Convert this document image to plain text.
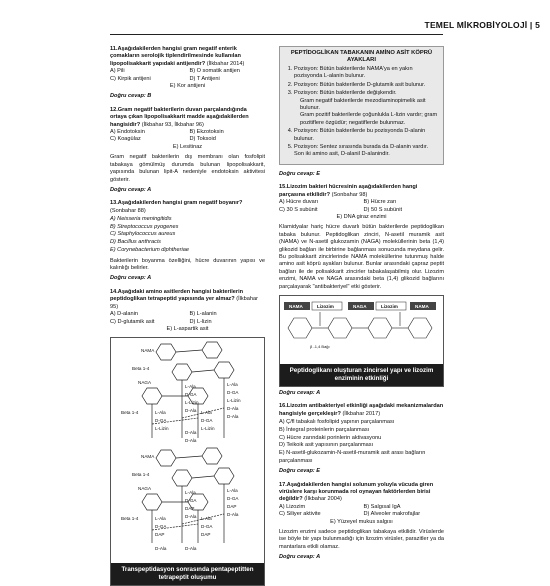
TEMEL MİKROBİYOLOJİ | 5
11.Aşağıdakilerden hangisi gram negatif enterik çomakların serolojik tiplendirilmesinde kullanılan lipopolisakkarit yapıdaki antijendir? (İlkbahar 2014)
A) Pili	B) O somatik antijen
C) Kirpik antijeni	D) T Antijeni
E) Kor antijeni
Doğru cevap: B
12.Gram negatif bakterilerin duvarı parçalandığında ortaya çıkan lipopolisakkarit madde aşağıdakilerden hangisidir? (İlkbahar 93, İlkbahar 96)
A) Endotoksin	B) Ekzotoksin
C) Koagülaz	D) Toksoid
E) Lesitinaz
Gram negatif bakterilerin dış membranı olan fosfolipit tabakaya gömülmüş durumda bulunan lipopolisakkarit, yapısında bulunan lipit-A nedeniyle endotoksin aktivitesi gösterir.
Doğru cevap: A
13.Aşağıdakilerden hangisi gram negatif boyanır? (Sonbahar 88)
A) Neisseria meningitidis
B) Streptococcus pyogenes
C) Staphylococcus aureus
D) Bacillus anthracis
E) Corynebacterium diphtheriae
Bakterilerin boyanma özelliğini, hücre duvarının yapısı ve kalınlığı belirler.
Doğru cevap: A
14.Aşağıdaki amino asitlerden hangisi bakterilerin peptidoglikan tetrapeptid yapısında yer almaz? (İlkbahar 95)
A) D-alanin	B) L-alanin
C) D-glutamik asit	D) L-lizin
E) L-aspartik asit
NAMA
Beta 1-4
NAGA
L-Ala
D-GA
L-Lizin
D-Ala
L-Ala
D-GA
L-Lizin
D-Ala
D-Ala
Beta 1-4	L-Ala
D-GA
L-Lizin
L-Ala
D-GA
L-Lizin
D-Ala
D-Ala
NAMA
Beta 1-4
NAGA
L-Ala
D-GA
DAP
D-Ala
L-Ala
D-GA
DAP
D-Ala
Beta 1-4	L-Ala
D-GA
DAP
L-Ala
D-GA
DAP
D-Ala
D-Ala
Transpeptidasyon sonrasında pentapeptitten tetrapeptit oluşumu
PEPTİDOGLİKAN TABAKANIN AMİNO ASİT KÖPRÜ AYAKLARI
1. Pozisyon: Bütün bakterilerde NAMA'ya en yakın pozisyonda L-alanin bulunur.
2. Pozisyon: Bütün bakterilerde D-glutamik asit bulunur.
3. Pozisyon: Bütün bakterilerde değişkendir.
Gram negatif bakterilerde mezodiaminopimelik asit bulunur.
Gram pozitif bakterilerde çoğunlukla L-lizin vardır; gram pozitiflere özgüdür; negatiflerde bulunmaz.
4. Pozisyon: Bütün bakterilerde bu pozisyonda D-alanin bulunur.
5. Pozisyon: Sentez sırasında burada da D-alanin vardır. Son iki amino asit, D-alanil D-alanindir.
Doğru cevap: E
15.Lizozim bakteri hücresinin aşağıdakilerden hangi parçasına etkilidir? (Sonbahar 98)
A) Hücre duvarı	B) Hücre zarı
C) 30 S subünit	D) 50 S subünit
E) DNA giraz enzimi
Klamidyalar hariç hücre duvarlı bütün bakterilerde peptidoglikan tabaka bulunur. Peptidoglikan zinciri, N-asetil muramik asit (NAMA) ve N-asetil glukozamin (NAGA) moleküllerinin beta (1,4) glikozid bağları ile birbirine bağlanması sonucunda meydana gelir. Bu polisakkarit zincirlerinde NAMA moleküllerine tutunmuş halde amino asit köprü ayakları bulunur. Bunlar arasındaki çapraz peptit bağları ile de polisakkarit zincirler tabakalaşabilmiş olur. Lizozim enzimi, NAMA ve NAGA arasındaki beta (1,4) glikozid bağlarını parçalayarak "antibakteriyel" etki gösterir.
NAMA	Lizozim	NAGA	Lizozim	NAMA
β -1,4 Bağı
Peptidoglikanı oluşturan zincirsel yapı ve lizozim enziminin etkinliği
Doğru cevap: A
16.Lizozim antibakteriyel etkinliği aşağıdaki mekanizmalardan hangisiyle gerçekleşir? (İlkbahar 2017)
A) Ç/fl tabakalı fosfolipid yapının parçalanması
B) İntegral proteinlerin parçalanması
C) Hücre zarındaki porinlerin aktivasyonu
D) Teikoik asit yapısının parçalanması
E) N-asetil-glukozamin-N-asetil-muramik asit arası bağların parçalanması
Doğru cevap: E
17.Aşağıdakilerden hangisi solunum yoluyla vücuda giren virüslere karşı korunmada rol oynayan faktörlerden birisi değildir? (İlkbahar 2004)
A) Lizozim	B) Salgısal IgA
C) Siliyer aktivite	D) Alveoler makrofajlar
E) Yüzeyel mukus salgısı
Lizozim enzimi sadece peptidoglikan tabakaya etkilidir. Virüslerde ise böyle bir yapı bulunmadığı için lizozim virüsler, parazitler ya da mantarlara etkili olamaz.
Doğru cevap: A
